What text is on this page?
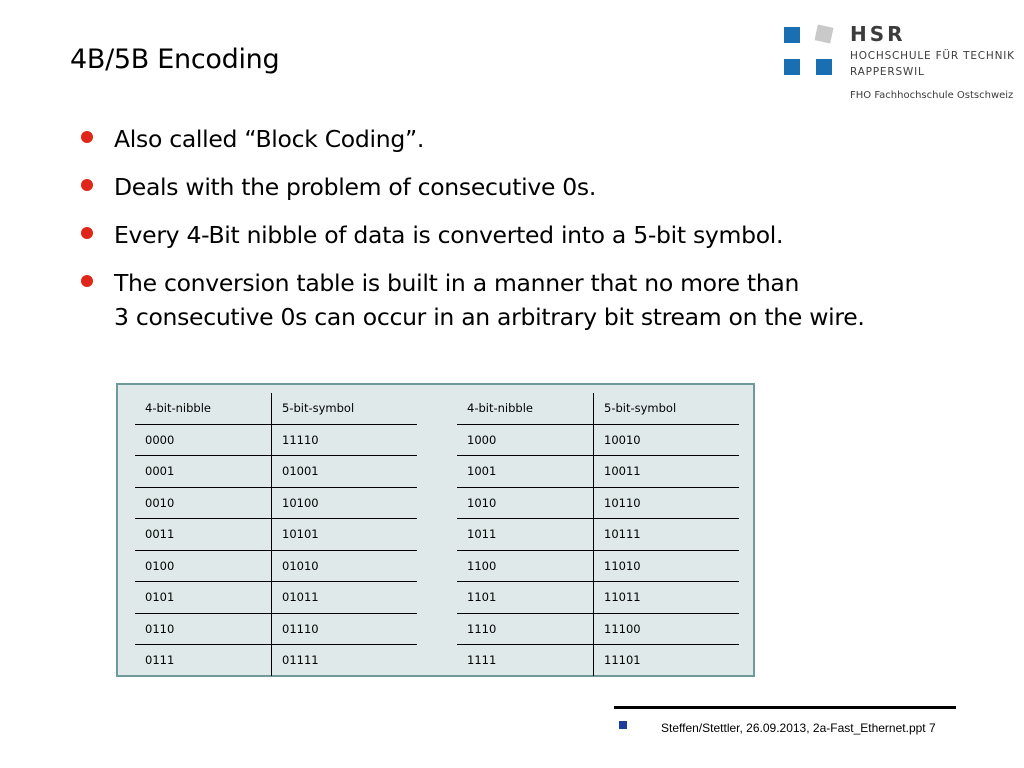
4B/5B Encoding
HSR
HOCHSCHULE FÜR TECHNIK
RAPPERSWIL
FHO Fachhochschule Ostschweiz
Also called “Block Coding”.
Deals with the problem of consecutive 0s.
Every 4-Bit nibble of data is converted into a 5-bit symbol.
The conversion table is built in a manner that no more than
3 consecutive 0s can occur in an arbitrary bit stream on the wire.
4-bit-nibble	5-bit-symbol
0000	11110
0001	01001
0010	10100
0011	10101
0100	01010
0101	01011
0110	01110
0111	01111
4-bit-nibble	5-bit-symbol
1000	10010
1001	10011
1010	10110
1011	10111
1100	11010
1101	11011
1110	11100
1111	11101
Steffen/Stettler, 26.09.2013, 2a-Fast_Ethernet.ppt 7
